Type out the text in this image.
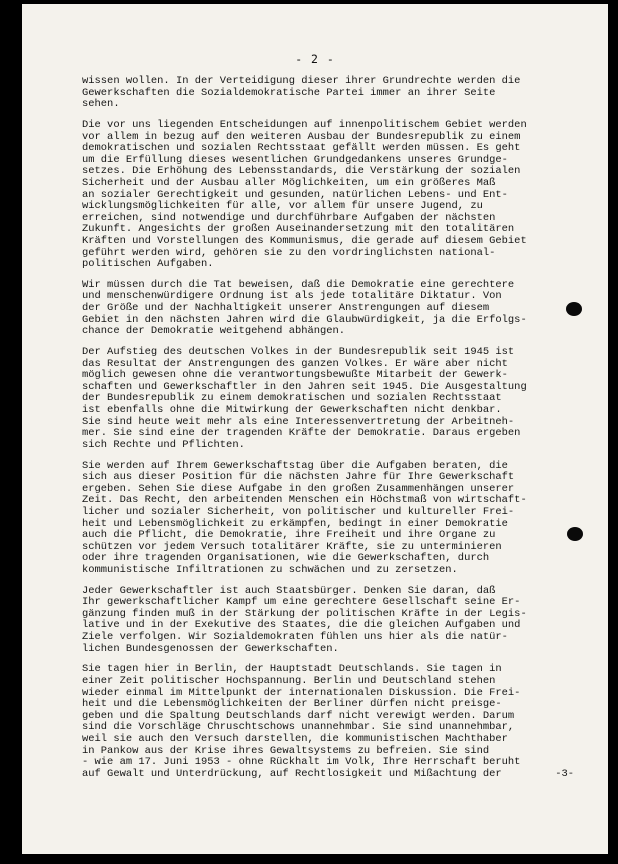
- 2 -
wissen wollen. In der Verteidigung dieser ihrer Grundrechte werden die
Gewerkschaften die Sozialdemokratische Partei immer an ihrer Seite
sehen.
Die vor uns liegenden Entscheidungen auf innenpolitischem Gebiet werden
vor allem in bezug auf den weiteren Ausbau der Bundesrepublik zu einem
demokratischen und sozialen Rechtsstaat gefällt werden müssen. Es geht
um die Erfüllung dieses wesentlichen Grundgedankens unseres Grundge-
setzes. Die Erhöhung des Lebensstandards, die Verstärkung der sozialen
Sicherheit und der Ausbau aller Möglichkeiten, um ein größeres Maß
an sozialer Gerechtigkeit und gesunden, natürlichen Lebens- und Ent-
wicklungsmöglichkeiten für alle, vor allem für unsere Jugend, zu
erreichen, sind notwendige und durchführbare Aufgaben der nächsten
Zukunft. Angesichts der großen Auseinandersetzung mit den totalitären
Kräften und Vorstellungen des Kommunismus, die gerade auf diesem Gebiet
geführt werden wird, gehören sie zu den vordringlichsten national-
politischen Aufgaben.
Wir müssen durch die Tat beweisen, daß die Demokratie eine gerechtere
und menschenwürdigere Ordnung ist als jede totalitäre Diktatur. Von
der Größe und der Nachhaltigkeit unserer Anstrengungen auf diesem
Gebiet in den nächsten Jahren wird die Glaubwürdigkeit, ja die Erfolgs-
chance der Demokratie weitgehend abhängen.
Der Aufstieg des deutschen Volkes in der Bundesrepublik seit 1945 ist
das Resultat der Anstrengungen des ganzen Volkes. Er wäre aber nicht
möglich gewesen ohne die verantwortungsbewußte Mitarbeit der Gewerk-
schaften und Gewerkschaftler in den Jahren seit 1945. Die Ausgestaltung
der Bundesrepublik zu einem demokratischen und sozialen Rechtsstaat
ist ebenfalls ohne die Mitwirkung der Gewerkschaften nicht denkbar.
Sie sind heute weit mehr als eine Interessenvertretung der Arbeitneh-
mer. Sie sind eine der tragenden Kräfte der Demokratie. Daraus ergeben
sich Rechte und Pflichten.
Sie werden auf Ihrem Gewerkschaftstag über die Aufgaben beraten, die
sich aus dieser Position für die nächsten Jahre für Ihre Gewerkschaft
ergeben. Sehen Sie diese Aufgabe in den großen Zusammenhängen unserer
Zeit. Das Recht, den arbeitenden Menschen ein Höchstmaß von wirtschaft-
licher und sozialer Sicherheit, von politischer und kultureller Frei-
heit und Lebensmöglichkeit zu erkämpfen, bedingt in einer Demokratie
auch die Pflicht, die Demokratie, ihre Freiheit und ihre Organe zu
schützen vor jedem Versuch totalitärer Kräfte, sie zu unterminieren
oder ihre tragenden Organisationen, wie die Gewerkschaften, durch
kommunistische Infiltrationen zu schwächen und zu zersetzen.
Jeder Gewerkschaftler ist auch Staatsbürger. Denken Sie daran, daß
Ihr gewerkschaftlicher Kampf um eine gerechtere Gesellschaft seine Er-
gänzung finden muß in der Stärkung der politischen Kräfte in der Legis-
lative und in der Exekutive des Staates, die die gleichen Aufgaben und
Ziele verfolgen. Wir Sozialdemokraten fühlen uns hier als die natür-
lichen Bundesgenossen der Gewerkschaften.
Sie tagen hier in Berlin, der Hauptstadt Deutschlands. Sie tagen in
einer Zeit politischer Hochspannung. Berlin und Deutschland stehen
wieder einmal im Mittelpunkt der internationalen Diskussion. Die Frei-
heit und die Lebensmöglichkeiten der Berliner dürfen nicht preisge-
geben und die Spaltung Deutschlands darf nicht verewigt werden. Darum
sind die Vorschläge Chruschtschows unannehmbar. Sie sind unannehmbar,
weil sie auch den Versuch darstellen, die kommunistischen Machthaber
in Pankow aus der Krise ihres Gewaltsystems zu befreien. Sie sind
- wie am 17. Juni 1953 - ohne Rückhalt im Volk, Ihre Herrschaft beruht
auf Gewalt und Unterdrückung, auf Rechtlosigkeit und Mißachtung der	-3-
